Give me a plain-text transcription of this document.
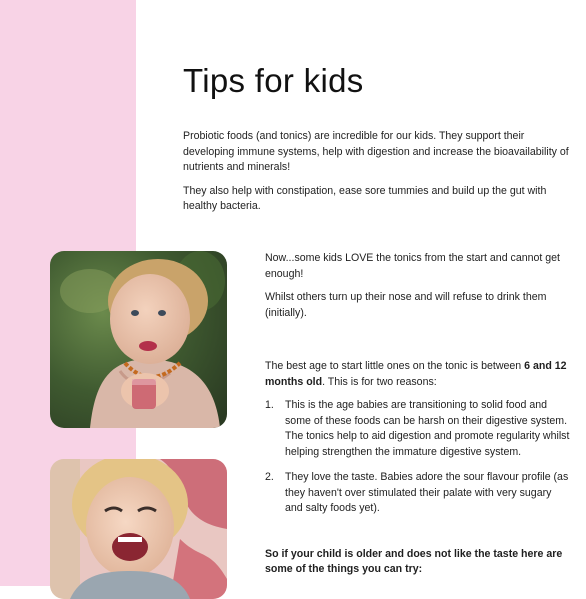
Tips for kids

Probiotic foods (and tonics) are incredible for our kids. They support their developing immune systems, help with digestion and increase the bioavailability of nutrients and minerals!

They also help with constipation, ease sore tummies and build up the gut with healthy bacteria.

Now...some kids LOVE the tonics from the start and cannot get enough!

Whilst others turn up their nose and will refuse to drink them (initially).

The best age to start little ones on the tonic is between 6 and 12 months old. This is for two reasons:

1. This is the age babies are transitioning to solid food and some of these foods can be harsh on their digestive system. The tonics help to aid digestion and promote regularity whilst helping strengthen the immature digestive system.
2. They love the taste. Babies adore the sour flavour profile (as they haven't over stimulated their palate with very sugary and salty foods yet).

So if your child is older and does not like the taste here are some of the things you can try:
